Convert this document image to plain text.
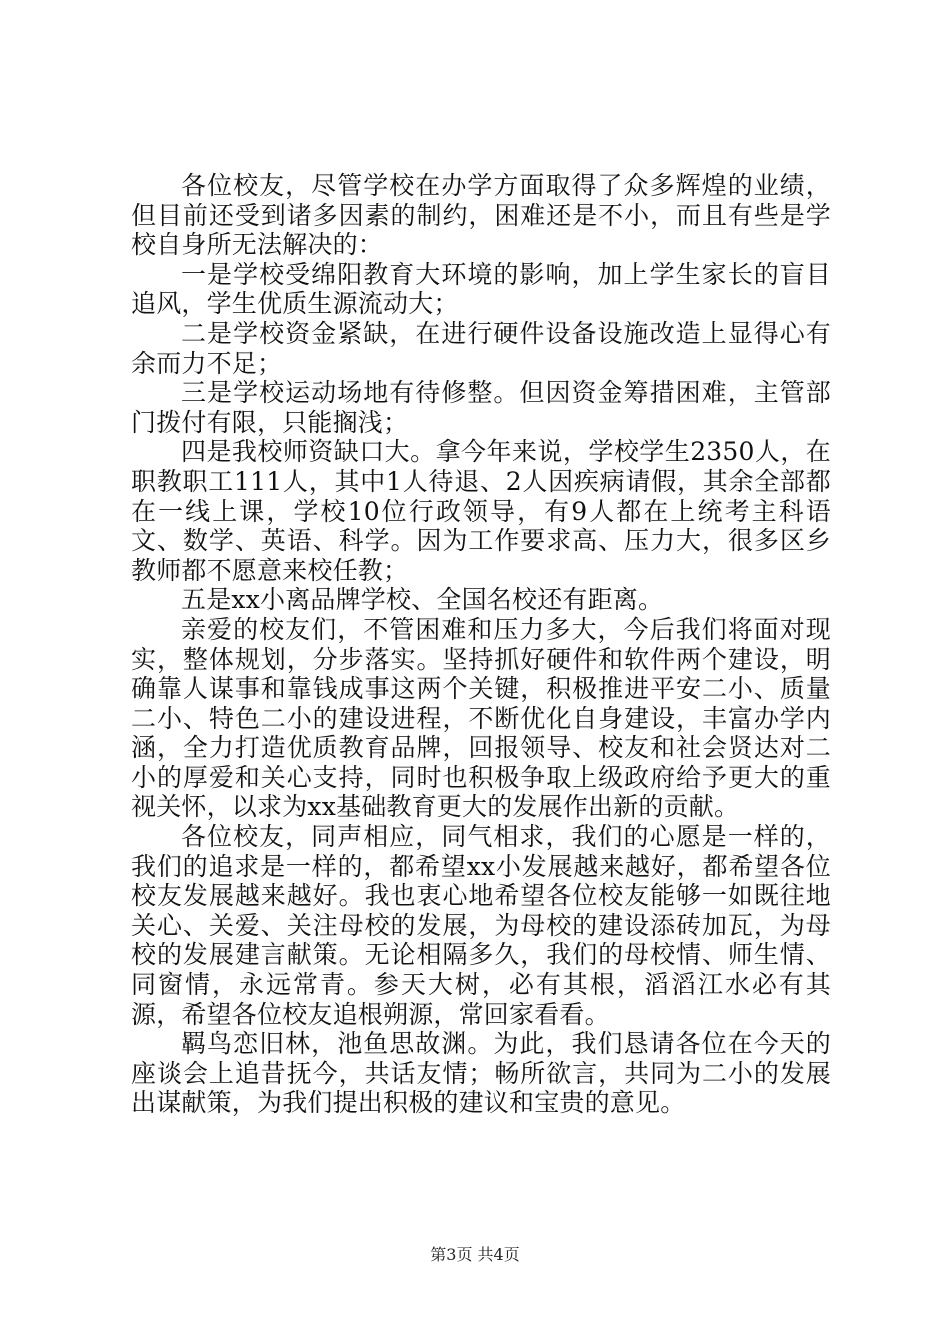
各位校友，尽管学校在办学方面取得了众多辉煌的业绩，但目前还受到诸多因素的制约，困难还是不小，而且有些是学校自身所无法解决的：

一是学校受绵阳教育大环境的影响，加上学生家长的盲目追风，学生优质生源流动大；

二是学校资金紧缺，在进行硬件设备设施改造上显得心有余而力不足；

三是学校运动场地有待修整。但因资金筹措困难，主管部门拨付有限，只能搁浅；

四是我校师资缺口大。拿今年来说，学校学生2350人，在职教职工111人，其中1人待退、2人因疾病请假，其余全部都在一线上课，学校10位行政领导，有9人都在上统考主科语文、数学、英语、科学。因为工作要求高、压力大，很多区乡教师都不愿意来校任教；

五是xx小离品牌学校、全国名校还有距离。

亲爱的校友们，不管困难和压力多大，今后我们将面对现实，整体规划，分步落实。坚持抓好硬件和软件两个建设，明确靠人谋事和靠钱成事这两个关键，积极推进平安二小、质量二小、特色二小的建设进程，不断优化自身建设，丰富办学内涵，全力打造优质教育品牌，回报领导、校友和社会贤达对二小的厚爱和关心支持，同时也积极争取上级政府给予更大的重视关怀，以求为xx基础教育更大的发展作出新的贡献。

各位校友，同声相应，同气相求，我们的心愿是一样的，我们的追求是一样的，都希望xx小发展越来越好，都希望各位校友发展越来越好。我也衷心地希望各位校友能够一如既往地关心、关爱、关注母校的发展，为母校的建设添砖加瓦，为母校的发展建言献策。无论相隔多久，我们的母校情、师生情、同窗情，永远常青。参天大树，必有其根，滔滔江水必有其源，希望各位校友追根朔源，常回家看看。

羁鸟恋旧林，池鱼思故渊。为此，我们恳请各位在今天的座谈会上追昔抚今，共话友情；畅所欲言，共同为二小的发展出谋献策，为我们提出积极的建议和宝贵的意见。

第3页 共4页
